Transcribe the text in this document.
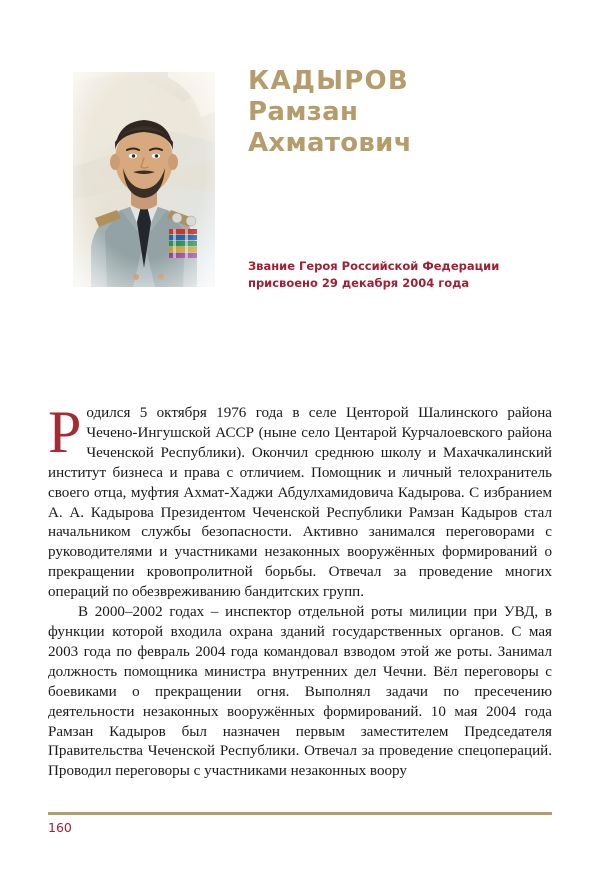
КАДЫРОВ
Рамзан
Ахматович
Звание Героя Российской Федерации
присвоено 29 декабря 2004 года

Родился 5 октября 1976 года в селе Центорой Шалинского района Чечено-Ингушской АССР (ныне село Центарой Курчалоевского района Чеченской Республики). Окончил среднюю школу и Махачкалинский институт бизнеса и права с отличием. Помощник и личный телохранитель своего отца, муфтия Ахмат-Хаджи Абдулхамидовича Кадырова. С избранием А. А. Кадырова Президентом Чеченской Республики Рамзан Кадыров стал начальником службы безопасности. Активно занимался переговорами с руководителями и участниками незаконных вооружённых формирований о прекращении кровопролитной борьбы. Отвечал за проведение многих операций по обезвреживанию бандитских групп.

В 2000–2002 годах – инспектор отдельной роты милиции при УВД, в функции которой входила охрана зданий государственных органов. С мая 2003 года по февраль 2004 года командовал взводом этой же роты. Занимал должность помощника министра внутренних дел Чечни. Вёл переговоры с боевиками о прекращении огня. Выполнял задачи по пресечению деятельности незаконных вооружённых формирований. 10 мая 2004 года Рамзан Кадыров был назначен первым заместителем Председателя Правительства Чеченской Республики. Отвечал за проведение спецопераций. Проводил переговоры с участниками незаконных воору

160
